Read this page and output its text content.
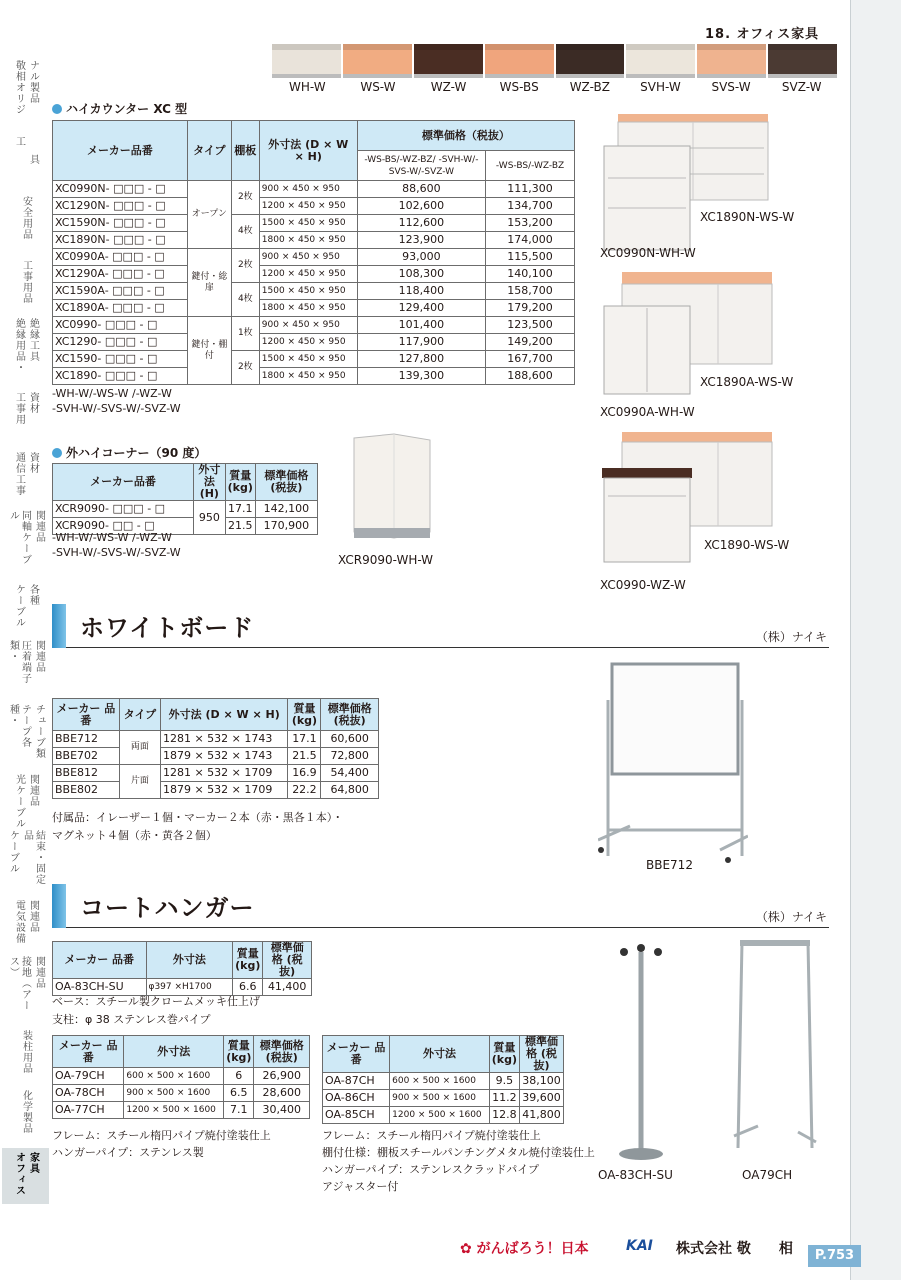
18. オフィス家具
WH-W	WS-W	WZ-W	WS-BS	WZ-BZ	SVH-W	SVS-W	SVZ-W
ハイカウンター XC 型
メーカー品番	タイプ	棚板	外寸法 (D × W × H)	標準価格（税抜）	
				-WS-BS/-WZ-BZ/ -SVH-W/-SVS-W/-SVZ-W	-WS-BS/-WZ-BZ
XC0990N- □□□ - □	オープン	2枚	900 × 450 × 950	88,600	111,300
XC1290N- □□□ - □			1200 × 450 × 950	102,600	134,700
XC1590N- □□□ - □		4枚	1500 × 450 × 950	112,600	153,200
XC1890N- □□□ - □			1800 × 450 × 950	123,900	174,000
XC0990A- □□□ - □	鍵付・総扉	2枚	900 × 450 × 950	93,000	115,500
XC1290A- □□□ - □			1200 × 450 × 950	108,300	140,100
XC1590A- □□□ - □		4枚	1500 × 450 × 950	118,400	158,700
XC1890A- □□□ - □			1800 × 450 × 950	129,400	179,200
XC0990- □□□ - □	鍵付・棚付	1枚	900 × 450 × 950	101,400	123,500
XC1290- □□□ - □			1200 × 450 × 950	117,900	149,200
XC1590- □□□ - □		2枚	1500 × 450 × 950	127,800	167,700
XC1890- □□□ - □			1800 × 450 × 950	139,300	188,600
-WH-W/-WS-W /-WZ-W
-SVH-W/-SVS-W/-SVZ-W
XC1890N-WS-W
XC0990N-WH-W
XC1890A-WS-W
XC0990A-WH-W
XC1890-WS-W
XC0990-WZ-W
外ハイコーナー（90 度）
メーカー品番	外寸法 (H)	質量 (kg)	標準価格 (税抜)
XCR9090- □□□ - □	950	17.1	142,100
XCR9090- □□ - □		21.5	170,900
-WH-W/-WS-W /-WZ-W
-SVH-W/-SVS-W/-SVZ-W
XCR9090-WH-W
ホワイトボード	（株）ナイキ
メーカー 品番	タイプ	外寸法 (D × W × H)	質量 (kg)	標準価格 (税抜)
BBE712	両面	1281 × 532 × 1743	17.1	60,600
BBE702		1879 × 532 × 1743	21.5	72,800
BBE812	片面	1281 × 532 × 1709	16.9	54,400
BBE802		1879 × 532 × 1709	22.2	64,800
付属品：イレーザー１個・マーカー２本（赤・黒各１本）・
マグネット４個（赤・黄各２個）
BBE712
コートハンガー	（株）ナイキ
メーカー 品番	外寸法	質量 (kg)	標準価格 (税抜)
OA-83CH-SU	φ397 ×H1700	6.6	41,400
ベース：スチール製クロームメッキ仕上げ
支柱：φ 38 ステンレス巻パイプ
メーカー 品番	外寸法	質量 (kg)	標準価格 (税抜)
OA-79CH	600 × 500 × 1600	6	26,900
OA-78CH	900 × 500 × 1600	6.5	28,600
OA-77CH	1200 × 500 × 1600	7.1	30,400
フレーム：スチール楕円パイプ焼付塗装仕上
ハンガーパイプ：ステンレス製
メーカー 品番	外寸法	質量 (kg)	標準価格 (税抜)
OA-87CH	600 × 500 × 1600	9.5	38,100
OA-86CH	900 × 500 × 1600	11.2	39,600
OA-85CH	1200 × 500 × 1600	12.8	41,800
フレーム：スチール楕円パイプ焼付塗装仕上
棚付仕様：棚板スチールパンチングメタル焼付塗装仕上
ハンガーパイプ：ステンレスクラッドパイプ
アジャスター付
OA-83CH-SU	OA79CH
敬相オリジ ナル製品
工
具
安全用品
工事用品
絶縁用品・ 絶縁工具
工事用 資材
通信工事 資材
同軸ケーブル	関連品
ケーブル 各種
圧着端子類・	関連品
テープ各種・	チューブ類
光ケーブル 関連品
ケーブル	結束・固定品
電気設備 関連品
接地（アース）	関連品
装柱用品
化学製品
オフィス 家具
✿ がんばろう！日本	KAI 株式会社 敬　　相	P.753
